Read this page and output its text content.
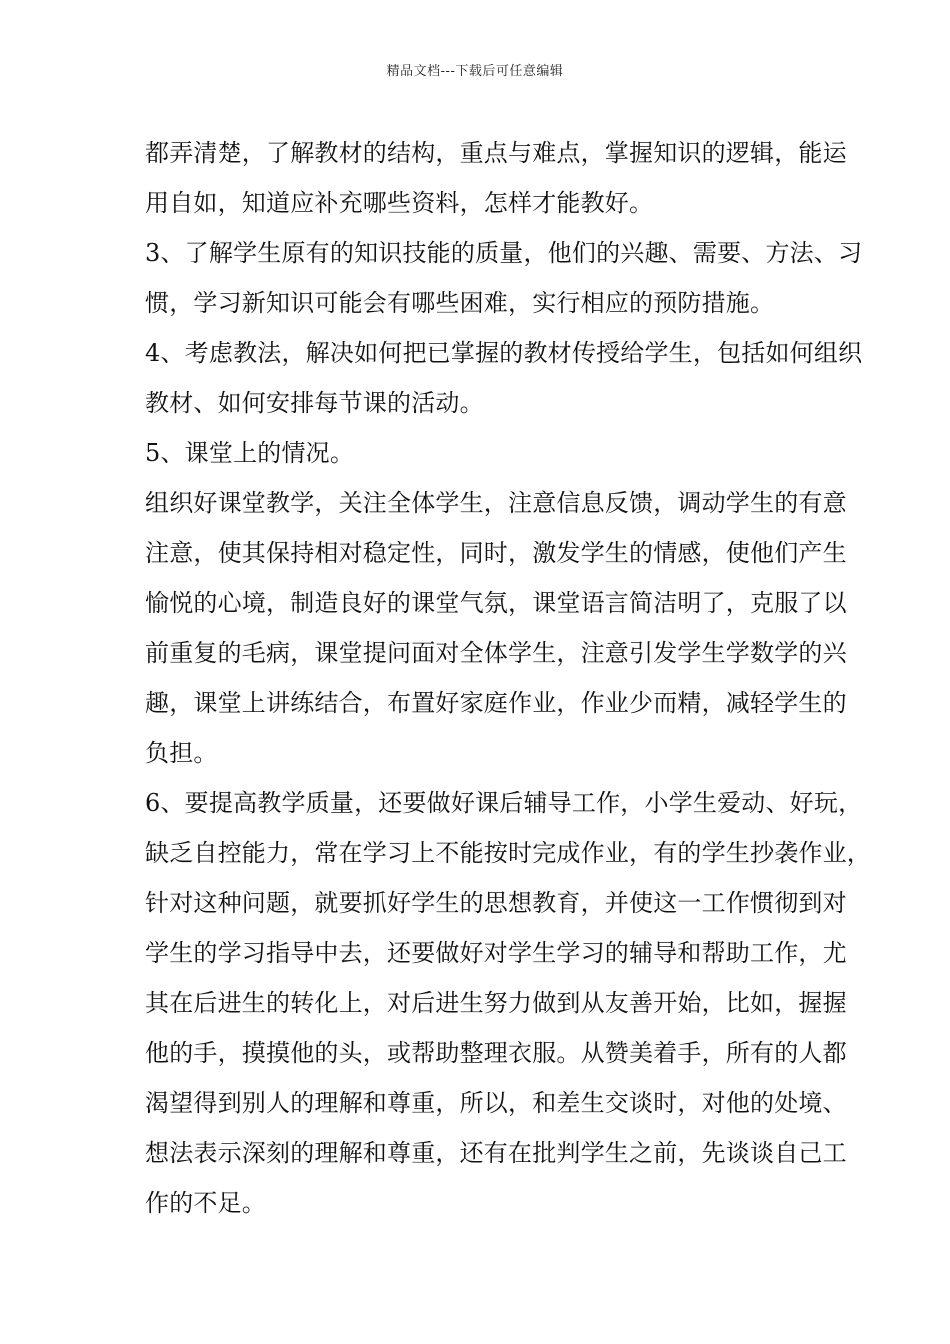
精品文档---下载后可任意编辑
都弄清楚，了解教材的结构，重点与难点，掌握知识的逻辑，能运
用自如，知道应补充哪些资料，怎样才能教好。
3、了解学生原有的知识技能的质量，他们的兴趣、需要、方法、习
惯，学习新知识可能会有哪些困难，实行相应的预防措施。
4、考虑教法，解决如何把已掌握的教材传授给学生，包括如何组织
教材、如何安排每节课的活动。
5、课堂上的情况。
组织好课堂教学，关注全体学生，注意信息反馈，调动学生的有意
注意，使其保持相对稳定性，同时，激发学生的情感，使他们产生
愉悦的心境，制造良好的课堂气氛，课堂语言简洁明了，克服了以
前重复的毛病，课堂提问面对全体学生，注意引发学生学数学的兴
趣，课堂上讲练结合，布置好家庭作业，作业少而精，减轻学生的
负担。
6、要提高教学质量，还要做好课后辅导工作，小学生爱动、好玩，
缺乏自控能力，常在学习上不能按时完成作业，有的学生抄袭作业，
针对这种问题，就要抓好学生的思想教育，并使这一工作惯彻到对
学生的学习指导中去，还要做好对学生学习的辅导和帮助工作，尤
其在后进生的转化上，对后进生努力做到从友善开始，比如，握握
他的手，摸摸他的头，或帮助整理衣服。从赞美着手，所有的人都
渴望得到别人的理解和尊重，所以，和差生交谈时，对他的处境、
想法表示深刻的理解和尊重，还有在批判学生之前，先谈谈自己工
作的不足。
